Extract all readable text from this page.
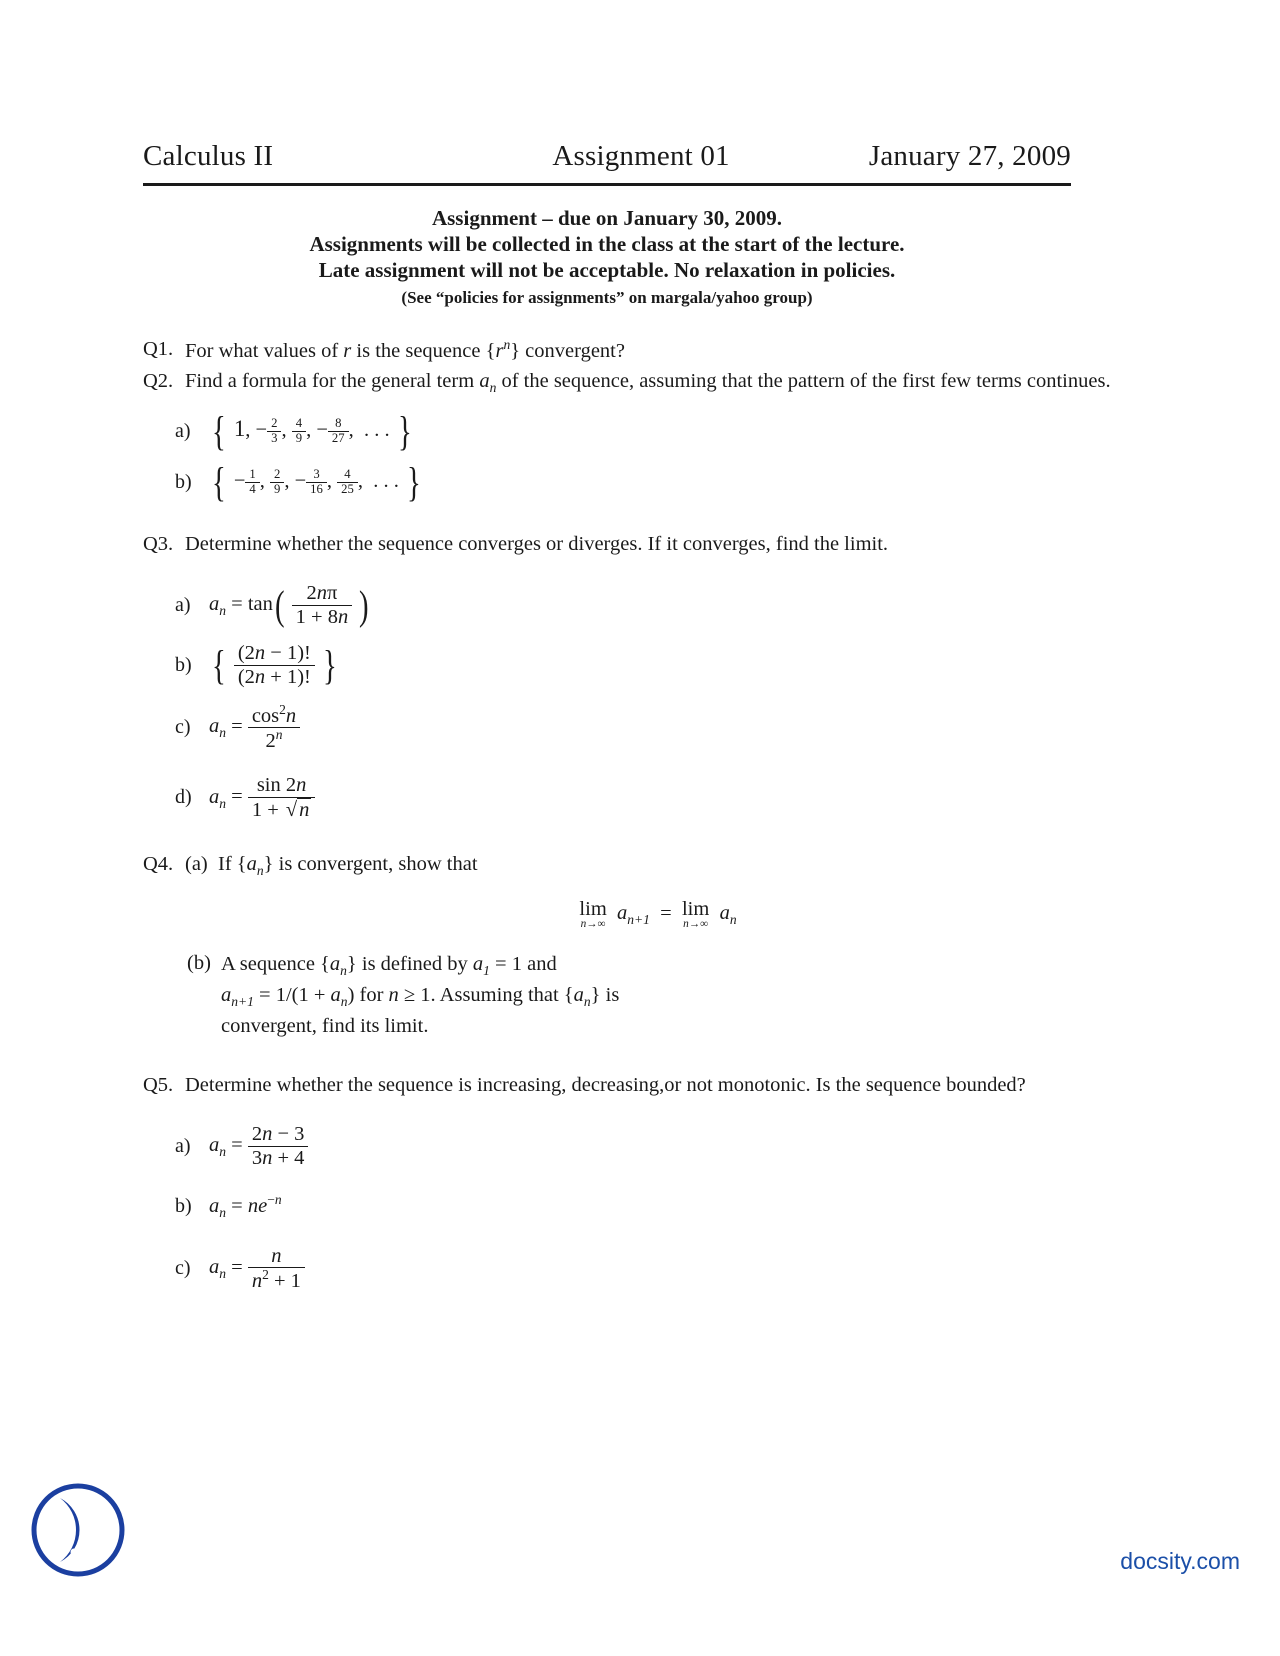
Calculus II	Assignment 01	January 27, 2009
Assignment – due on January 30, 2009.
Assignments will be collected in the class at the start of the lecture.
Late assignment will not be acceptable. No relaxation in policies.
(See “policies for assignments” on margala/yahoo group)
Q1. For what values of r is the sequence $\{r^n\}$ convergent?
Q2. Find a formula for the general term $a_n$ of the sequence, assuming that the pattern of the first few terms continues.
a) { 1, − $\frac{2}{3}$ , $\frac{4}{9}$ , − $\frac{8}{27}$ ,  . . . }
b) { − $\frac{1}{4}$ , $\frac{2}{9}$ , − $\frac{3}{16}$ , $\frac{4}{25}$ ,  . . . }
Q3. Determine whether the sequence converges or diverges. If it converges, find the limit.
a) $a_n = \tan( \frac{2n\pi}{1 + 8n}$ )
b) { $\frac{(2n - 1)!}{(2n + 1)!}$ }
c) $a_n = \frac{\cos^2n}{2^n}$
d) $a_n = \frac{\sin 2n}{1 + √n}$
Q4. (a)  If $\{a_n\}$ is convergent, show that
lim
n→∞ $a_{n+1} = \lim$
n→∞ $a_n$
(b) A sequence $\{a_n\}$ is defined by $a_1 = 1$ and
$a_{n+1} = 1/(1 + a_n)$ for n ≥ 1. Assuming that $\{a_n\}$ is
convergent, find its limit.
Q5. Determine whether the sequence is increasing, decreasing,or not monotonic. Is the sequence bounded?
a) $a_n = \frac{2n - 3}{3n + 4}$
b) $a_n = ne^{-n}$
c) $a_n = \frac{n}{n^2 + 1}$
docsity.com
